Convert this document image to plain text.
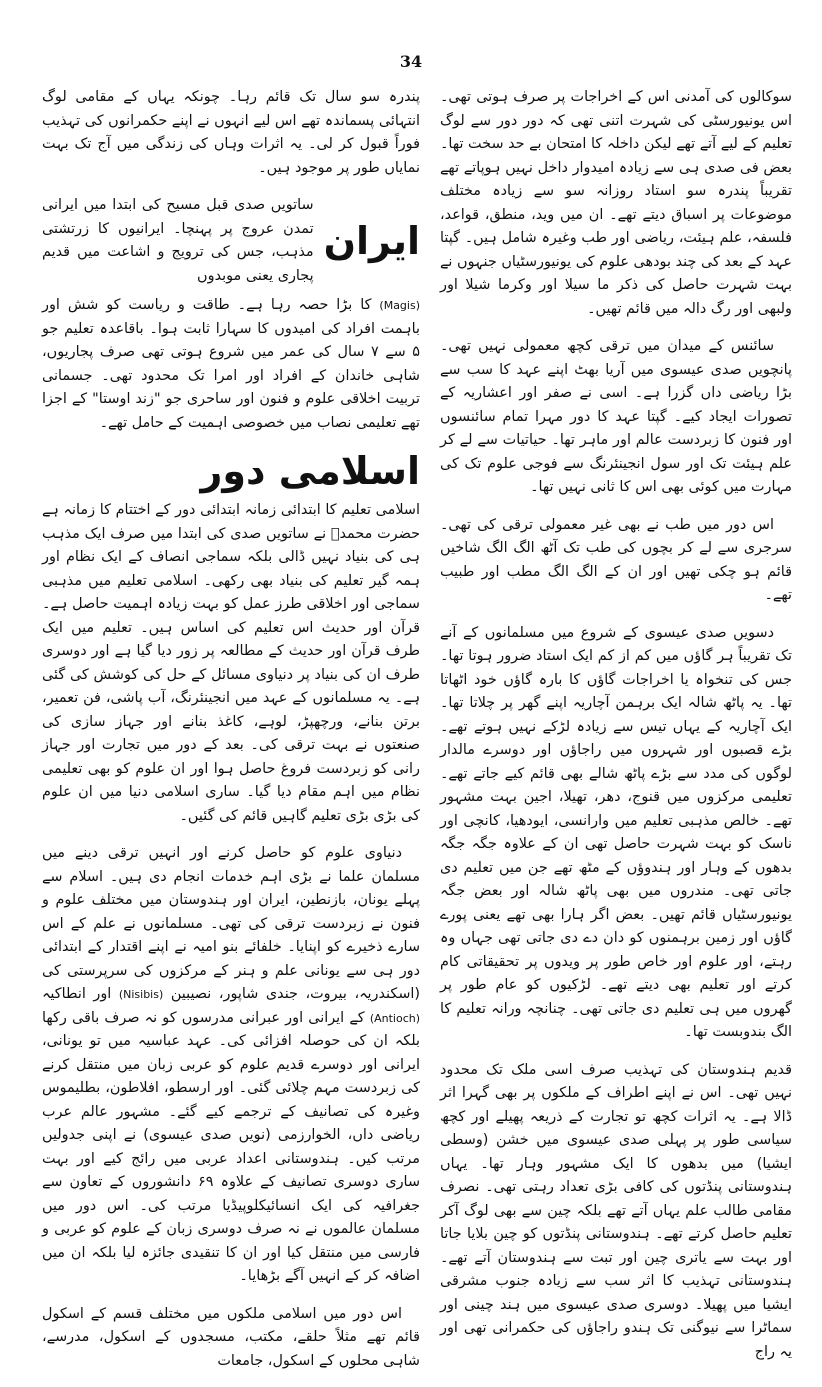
34

سوکالوں کی آمدنی اس کے اخراجات پر صرف ہوتی تھی۔ اس یونیورسٹی کی شہرت اتنی تھی کہ دور دور سے لوگ تعلیم کے لیے آتے تھے لیکن داخلہ کا امتحان بے حد سخت تھا۔ بعض فی صدی ہی سے زیادہ امیدوار داخل نہیں ہوپاتے تھے تقریباً پندرہ سو استاد روزانہ سو سے زیادہ مختلف موضوعات پر اسباق دیتے تھے۔ ان میں وید، منطق، قواعد، فلسفہ، علم ہیئت، ریاضی اور طب وغیرہ شامل ہیں۔ گپتا عہد کے بعد کی چند بودھی علوم کی یونیورسٹیاں جنہوں نے بہت شہرت حاصل کی ذکر ما سیلا اور وکرما شیلا اور ولبھی اور رگ دالہ میں قائم تھیں۔

سائنس کے میدان میں ترقی کچھ معمولی نہیں تھی۔ پانچویں صدی عیسوی میں آریا بھٹ اپنے عہد کا سب سے بڑا ریاضی داں گزرا ہے۔ اسی نے صفر اور اعشاریہ کے تصورات ایجاد کیے۔ گپتا عہد کا دور مہرا تمام سائنسوں اور فنون کا زبردست عالم اور ماہر تھا۔ حیاتیات سے لے کر علم ہیئت تک اور سول انجینئرنگ سے فوجی علوم تک کی مہارت میں کوئی بھی اس کا ثانی نہیں تھا۔

اس دور میں طب نے بھی غیر معمولی ترقی کی تھی۔ سرجری سے لے کر بچوں کی طب تک آٹھ الگ الگ شاخیں قائم ہو چکی تھیں اور ان کے الگ الگ مطب اور طبیب تھے۔

دسویں صدی عیسوی کے شروع میں مسلمانوں کے آنے تک تقریباً ہر گاؤں میں کم از کم ایک استاد ضرور ہوتا تھا۔ جس کی تنخواہ یا اخراجات گاؤں کا بارہ گاؤں خود اٹھاتا تھا۔ یہ پاٹھ شالہ ایک برہمن آچاریہ اپنے گھر پر چلاتا تھا۔ ایک آچاریہ کے یہاں تیس سے زیادہ لڑکے نہیں ہوتے تھے۔ بڑے قصبوں اور شہروں میں راجاؤں اور دوسرے مالدار لوگوں کی مدد سے بڑے پاٹھ شالے بھی قائم کیے جاتے تھے۔ تعلیمی مرکزوں میں قنوج، دھر، تھیلا، اجین بہت مشہور تھے۔ خالص مذہبی تعلیم میں وارانسی، ایودھیا، کانچی اور ناسک کو بہت شہرت حاصل تھی ان کے علاوہ جگہ جگہ بدھوں کے وہار اور ہندوؤں کے مٹھ تھے جن میں تعلیم دی جاتی تھی۔ مندروں میں بھی پاٹھ شالہ اور بعض جگہ یونیورسٹیاں قائم تھیں۔ بعض اگر ہارا بھی تھے یعنی پورے گاؤں اور زمین برہمنوں کو دان دے دی جاتی تھی جہاں وہ رہتے، اور علوم اور خاص طور پر ویدوں پر تحقیقاتی کام کرتے اور تعلیم بھی دیتے تھے۔ لڑکیوں کو عام طور پر گھروں میں ہی تعلیم دی جاتی تھی۔ چنانچہ ورانہ تعلیم کا الگ بندوبست تھا۔

قدیم ہندوستان کی تہذیب صرف اسی ملک تک محدود نہیں تھی۔ اس نے اپنے اطراف کے ملکوں پر بھی گہرا اثر ڈالا ہے۔ یہ اثرات کچھ تو تجارت کے ذریعہ پھیلے اور کچھ سیاسی طور پر پہلی صدی عیسوی میں خشن (وسطی ایشیا) میں بدھوں کا ایک مشہور وہار تھا۔ یہاں ہندوستانی پنڈتوں کی کافی بڑی تعداد رہتی تھی۔ نصرف مقامی طالب علم یہاں آتے تھے بلکہ چین سے بھی لوگ آکر تعلیم حاصل کرتے تھے۔ ہندوستانی پنڈتوں کو چین بلایا جاتا اور بہت سے یاتری چین اور تبت سے ہندوستان آتے تھے۔ ہندوستانی تہذیب کا اثر سب سے زیادہ جنوب مشرقی ایشیا میں پھیلا۔ دوسری صدی عیسوی میں ہند چینی اور سماٹرا سے نیوگنی تک ہندو راجاؤں کی حکمرانی تھی اور یہ راج

پندرہ سو سال تک قائم رہا۔ چونکہ یہاں کے مقامی لوگ انتہائی پسماندہ تھے اس لیے انہوں نے اپنے حکمرانوں کی تہذیب فوراً قبول کر لی۔ یہ اثرات وہاں کی زندگی میں آج تک بہت نمایاں طور پر موجود ہیں۔

ایران
ساتویں صدی قبل مسیح کی ابتدا میں ایرانی تمدن عروج پر پہنچا۔ ایرانیوں کا زرتشتی مذہب، جس کی ترویج و اشاعت میں قدیم پجاری یعنی موبدوں

(Magis) کا بڑا حصہ رہا ہے۔ طاقت و ریاست کو شش اور باہمت افراد کی امیدوں کا سہارا ثابت ہوا۔ باقاعدہ تعلیم جو ۵ سے ۷ سال کی عمر میں شروع ہوتی تھی صرف پجاریوں، شاہی خاندان کے افراد اور امرا تک محدود تھی۔ جسمانی تربیت اخلاقی علوم و فنون اور ساحری جو "زند اوستا" کے اجزا تھے تعلیمی نصاب میں خصوصی اہمیت کے حامل تھے۔

اسلامی دور

اسلامی تعلیم کا ابتدائی زمانہ ابتدائی دور کے اختتام کا زمانہ ہے حضرت محمدؐ نے ساتویں صدی کی ابتدا میں صرف ایک مذہب ہی کی بنیاد نہیں ڈالی بلکہ سماجی انصاف کے ایک نظام اور ہمہ گیر تعلیم کی بنیاد بھی رکھی۔ اسلامی تعلیم میں مذہبی سماجی اور اخلاقی طرز عمل کو بہت زیادہ اہمیت حاصل ہے۔ قرآن اور حدیث اس تعلیم کی اساس ہیں۔ تعلیم میں ایک طرف قرآن اور حدیث کے مطالعہ پر زور دیا گیا ہے اور دوسری طرف ان کی بنیاد پر دنیاوی مسائل کے حل کی کوشش کی گئی ہے۔ یہ مسلمانوں کے عہد میں انجینئرنگ، آب پاشی، فن تعمیر، برتن بنانے، ورچھپڑ، لوہے، کاغذ بنانے اور جہاز سازی کی صنعتوں نے بہت ترقی کی۔ بعد کے دور میں تجارت اور جہاز رانی کو زبردست فروغ حاصل ہوا اور ان علوم کو بھی تعلیمی نظام میں اہم مقام دیا گیا۔ ساری اسلامی دنیا میں ان علوم کی بڑی بڑی تعلیم گاہیں قائم کی گئیں۔

دنیاوی علوم کو حاصل کرنے اور انہیں ترقی دینے میں مسلمان علما نے بڑی اہم خدمات انجام دی ہیں۔ اسلام سے پہلے یونان، بازنطین، ایران اور ہندوستان میں مختلف علوم و فنون نے زبردست ترقی کی تھی۔ مسلمانوں نے علم کے اس سارے ذخیرے کو اپنایا۔ خلفائے بنو امیہ نے اپنے اقتدار کے ابتدائی دور ہی سے یونانی علم و ہنر کے مرکزوں کی سرپرستی کی (اسکندریہ، بیروت، جندی شاپور، نصیبین (Nisibis) اور انطاکیہ (Antioch) کے ایرانی اور عبرانی مدرسوں کو نہ صرف باقی رکھا بلکہ ان کی حوصلہ افزائی کی۔ عہد عباسیہ میں تو یونانی، ایرانی اور دوسرے قدیم علوم کو عربی زبان میں منتقل کرنے کی زبردست مہم چلائی گئی۔ اور ارسطو، افلاطون، بطلیموس وغیرہ کی تصانیف کے ترجمے کیے گئے۔ مشہور عالم عرب ریاضی داں، الخوارزمی (نویں صدی عیسوی) نے اپنی جدولیں مرتب کیں۔ ہندوستانی اعداد عربی میں رائج کیے اور بہت ساری دوسری تصانیف کے علاوہ ۶۹ دانشوروں کے تعاون سے جغرافیہ کی ایک انسائیکلوپیڈیا مرتب کی۔ اس دور میں مسلمان عالموں نے نہ صرف دوسری زبان کے علوم کو عربی و فارسی میں منتقل کیا اور ان کا تنقیدی جائزہ لیا بلکہ ان میں اضافہ کر کے انہیں آگے بڑھایا۔

اس دور میں اسلامی ملکوں میں مختلف قسم کے اسکول قائم تھے مثلاً حلقے، مکتب، مسجدوں کے اسکول، مدرسے، شاہی محلوں کے اسکول، جامعات
